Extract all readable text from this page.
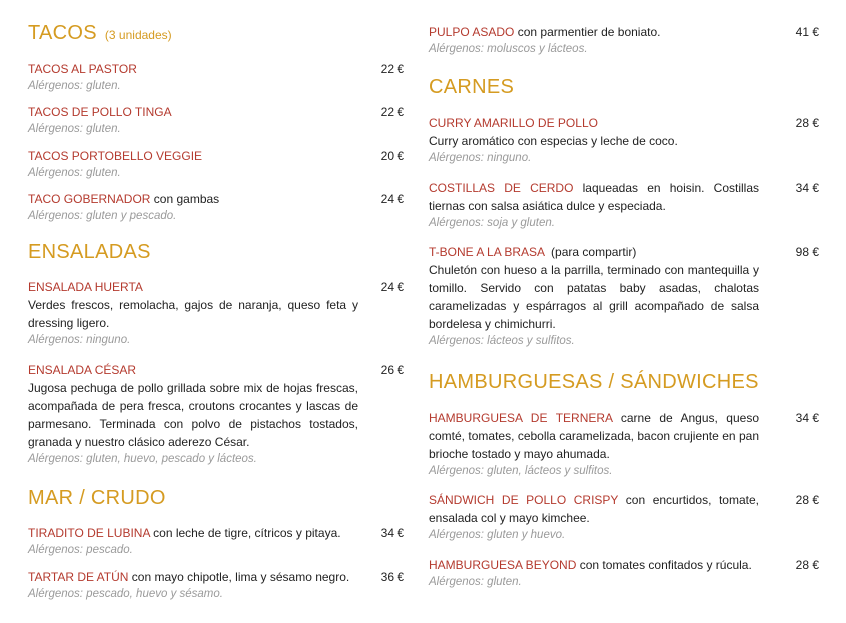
TACOS (3 unidades)
TACOS AL PASTOR
Alérgenos: gluten.
22 €
TACOS DE POLLO TINGA
Alérgenos: gluten.
22 €
TACOS PORTOBELLO VEGGIE
Alérgenos: gluten.
20 €
TACO GOBERNADOR con gambas
Alérgenos: gluten y pescado.
24 €
ENSALADAS
ENSALADA HUERTA
Verdes frescos, remolacha, gajos de naranja, queso feta y dressing ligero.
Alérgenos: ninguno.
24 €
ENSALADA CÉSAR
Jugosa pechuga de pollo grillada sobre mix de hojas frescas, acompañada de pera fresca, croutons crocantes y lascas de parmesano. Terminada con polvo de pistachos tostados, granada y nuestro clásico aderezo César.
Alérgenos: gluten, huevo, pescado y lácteos.
26 €
MAR / CRUDO
TIRADITO DE LUBINA con leche de tigre, cítricos y pitaya.
Alérgenos: pescado.
34 €
TARTAR DE ATÚN con mayo chipotle, lima y sésamo negro.
Alérgenos: pescado, huevo y sésamo.
36 €
PULPO ASADO con parmentier de boniato.
Alérgenos: moluscos y lácteos.
41 €
CARNES
CURRY AMARILLO DE POLLO
Curry aromático con especias y leche de coco.
Alérgenos: ninguno.
28 €
COSTILLAS DE CERDO laqueadas en hoisin. Costillas tiernas con salsa asiática dulce y especiada.
Alérgenos: soja y gluten.
34 €
T-BONE A LA BRASA  (para compartir)
Chuletón con hueso a la parrilla, terminado con mantequilla y tomillo. Servido con patatas baby asadas, chalotas caramelizadas y espárragos al grill acompañado de salsa bordelesa y chimichurri.
Alérgenos: lácteos y sulfitos.
98 €
HAMBURGUESAS / SÁNDWICHES
HAMBURGUESA DE TERNERA carne de Angus, queso comté, tomates, cebolla caramelizada, bacon crujiente en pan brioche tostado y mayo ahumada.
Alérgenos: gluten, lácteos y sulfitos.
34 €
SÁNDWICH DE POLLO CRISPY con encurtidos, tomate, ensalada col y mayo kimchee.
Alérgenos: gluten y huevo.
28 €
HAMBURGUESA BEYOND con tomates confitados y rúcula.
Alérgenos: gluten.
28 €
